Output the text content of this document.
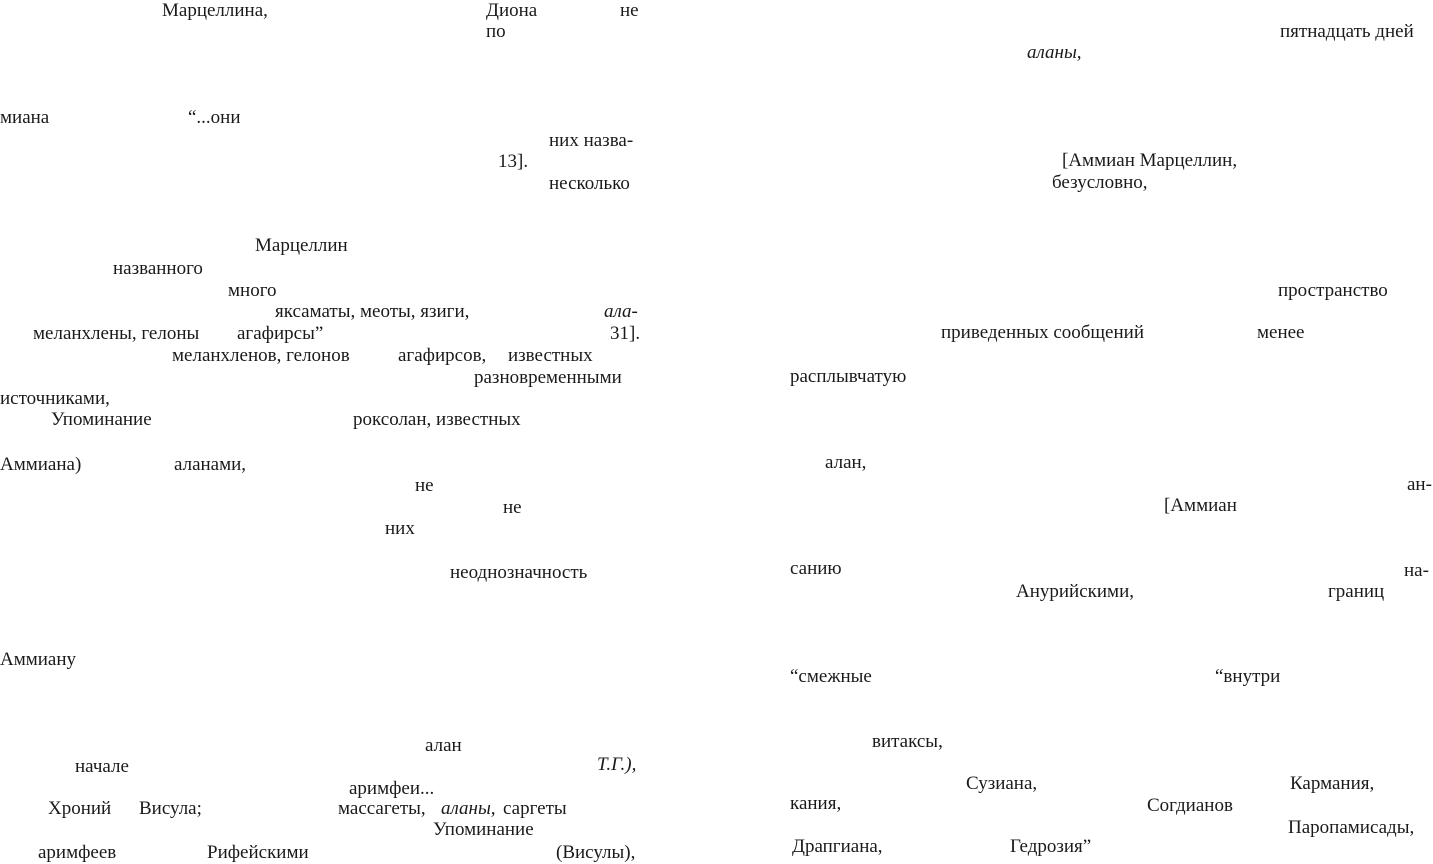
Марцеллина,	Диона	не
по
миана	“...они
них назва-
13].
несколько
Марцеллин
названного
много
яксаматы, меоты, язиги,	ала-
меланхлены, гелоны агафирсы”	31].
меланхленов, гелонов	агафирсов, известных
разновременными
источниками,
Упоминание	роксолан, известных
Аммиана)	аланами,
не
не
них
неоднозначность
Аммиану
алан
начале	Т.Г.),
аримфеи...
Хроний Висула;	массагеты, аланы, саргеты
Упоминание
аримфеев	Рифейскими	(Висулы),
пятнадцать дней
аланы,
[Аммиан Марцеллин,
безусловно,
пространство
приведенных сообщений	менее
расплывчатую
алан,
ан-
[Аммиан
санию	на-
Анурийскими,	границ
“смежные	“внутри
витаксы,
Сузиана,	Кармания,
кания,	Согдианов
Паропамисады,
Драпгиана,	Гедрозия”
